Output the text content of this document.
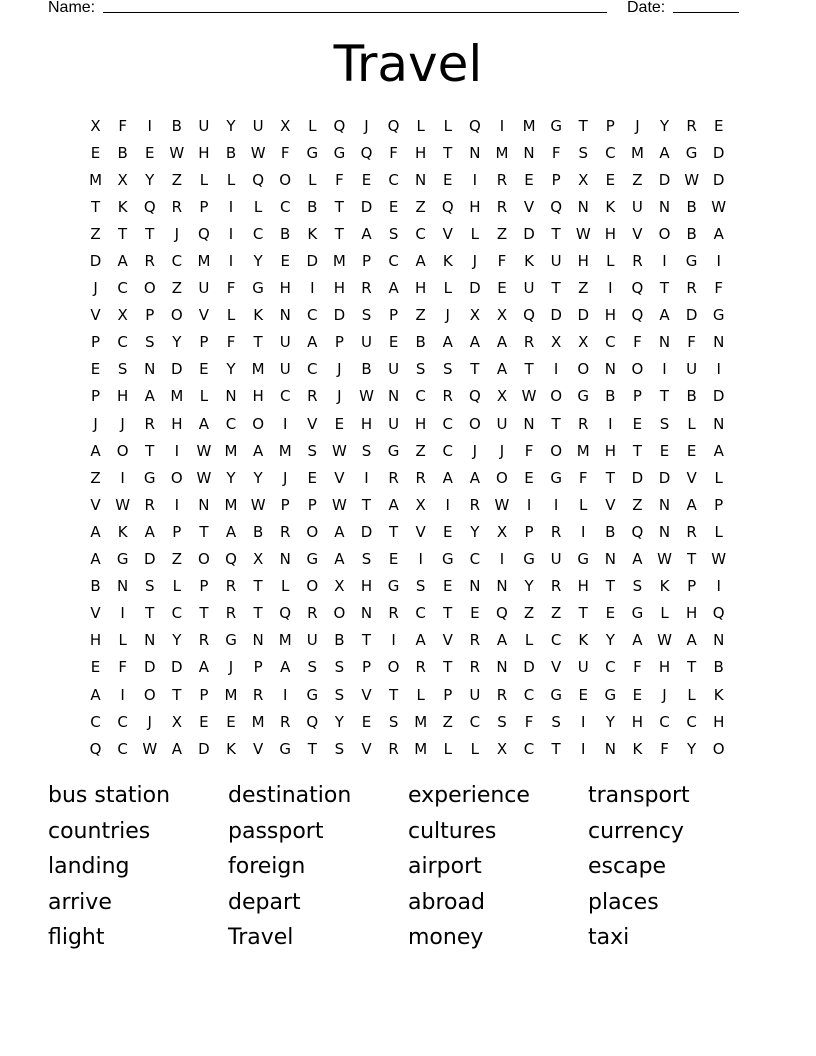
Name:	Date:
Travel
X	F	I	B	U	Y	U	X	L	Q	J	Q	L	L	Q	I	M G	T	P	J	Y	R	E
E	B	E W H	B W	F	G	G	Q	F	H	T	N	M	N	F	S	C	M	A	G	D
M	X	Y	Z	L	L	Q	O	L	F	E	C	N	E	I	R	E	P	X	E	Z	D W D
T	K	Q	R	P	I	L	C	B	T	D	E	Z	Q	H	R	V	Q	N	K	U	N	B W
Z	T	T	J	Q	I	C	B	K	T	A	S	C	V	L	Z	D	T	W H	V	O	B	A
D	A	R	C	M	I	Y	E	D M	P	C	A	K	J	F	K	U	H	L	R	I	G	I
J	C	O	Z	U	F	G	H	I	H	R	A	H	L	D	E	U	T	Z	I	Q	T	R	F
V	X	P	O	V	L	K	N	C	D	S	P	Z	J	X	X	Q	D	D	H	Q	A	D	G
P	C	S	Y	P	F	T	U	A	P	U	E	B	A	A	A	R	X	X	C	F	N	F	N
E	S	N	D	E	Y	M	U	C	J	B	U	S	S	T	A	T	I	O	N	O	I	U	I
P	H	A	M	L	N	H	C	R	J	W N	C	R	Q	X W O	G	B	P	T	B	D
J	J	R	H	A	C	O	I	V	E	H	U	H	C	O	U	N	T	R	I	E	S	L	N
A	O	T	I	W M	A	M	S W S	G	Z	C	J	J	F	O M H	T	E	E	A
Z	I	G	O W	Y	Y	J	E	V	I	R	R	A	A	O	E	G	F	T	D	D	V	L
V W R	I	N	M W	P	P	W	T	A	X	I	R W	I	I	L	V	Z	N	A	P
A	K	A	P	T	A	B	R	O	A	D	T	V	E	Y	X	P	R	I	B	Q	N	R	L
A	G	D	Z	O	Q	X	N	G	A	S	E	I	G	C	I	G	U	G	N	A W	T	W
B	N	S	L	P	R	T	L	O	X	H	G	S	E	N	N	Y	R	H	T	S	K	P	I
V	I	T	C	T	R	T	Q	R	O	N	R	C	T	E	Q	Z	Z	T	E	G	L	H	Q
H	L	N	Y	R	G	N	M	U	B	T	I	A	V	R	A	L	C	K	Y	A W A	N
E	F	D	D	A	J	P	A	S	S	P	O	R	T	R	N	D	V	U	C	F	H	T	B
A	I	O	T	P	M	R	I	G	S	V	T	L	P	U	R	C	G	E	G	E	J	L	K
C	C	J	X	E	E	M	R	Q	Y	E	S	M	Z	C	S	F	S	I	Y	H	C	C	H
Q	C W A	D	K	V	G	T	S	V	R	M	L	L	X	C	T	I	N	K	F	Y	O
bus station	destination	experience	transport
countries	passport	cultures	currency
landing	foreign	airport	escape
arrive	depart	abroad	places
flight	Travel	money	taxi
